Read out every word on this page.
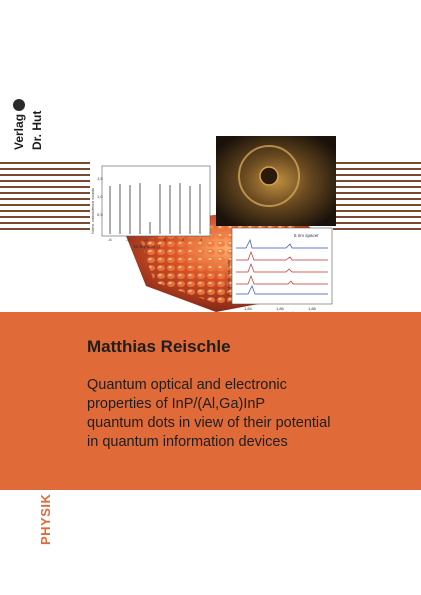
Verlag Dr. Hut
Norm. coincidence counts
Delay-time (T
-6	-4	-2	0	2	4
0,5
1,0
1,5
5 nm spacer
PL intensity (arb. units)
1,84	1,86	1,88
Matthias Reischle
Quantum optical and electronic
properties of InP/(Al,Ga)InP
quantum dots in view of their potential
in quantum information devices
PHYSIK
